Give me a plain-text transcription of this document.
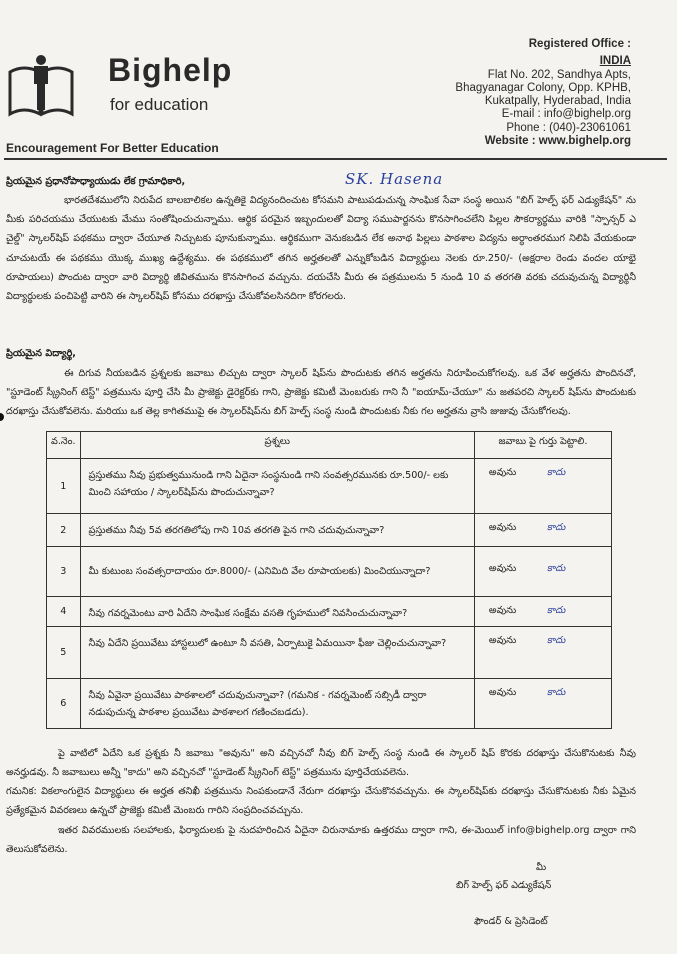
Bighelp
for education
Encouragement For Better Education
Registered Office :
INDIA
Flat No. 202, Sandhya Apts,
Bhagyanagar Colony, Opp. KPHB,
Kukatpally, Hyderabad, India
E-mail : info@bighelp.org
Phone : (040)-23061061
Website : www.bighelp.org
ప్రియమైన ప్రధానోపాధ్యాయుడు లేక గ్రామాధికారి,	SK. Hasena
భారతదేశములోని నిరుపేద బాలబాలికల ఉన్నతికై విద్యనందించుట కోసమని పాటుపడుచున్న సాంఘిక సేవా సంస్థ అయిన "బిగ్ హెల్ప్ ఫర్ ఎడ్యుకేషన్" ను మీకు పరిచయము చేయుటకు మేము సంతోషించుచున్నాము. ఆర్థిక పరమైన ఇబ్బందులతో విద్యా సముపార్జనను కొనసాగించలేని పిల్లల సౌకర్యార్థము వారికి "స్పాన్సర్ ఎ చైల్డ్" స్కాలర్‌షిప్ పథకము ద్వారా చేయూత నిచ్చుటకు పూనుకున్నాము. ఆర్థికముగా వెనుకబడిన లేక అనాథ పిల్లలు పాఠశాల విద్యను అర్ధాంతరముగ నిలిపి వేయకుండా చూచుటయే ఈ పథకము యొక్క ముఖ్య ఉద్దేశ్యము. ఈ పథకములో తగిన అర్హతలతో ఎన్నుకోబడిన విద్యార్థులు నెలకు రూ.250/- (అక్షరాల రెండు వందల యాభై రూపాయలు) పొందుట ద్వారా వారి విద్యార్థి జీవితమును కొనసాగించ వచ్చును. దయచేసి మీరు ఈ పత్రములను 5 నుండి 10 వ తరగతి వరకు చదువుచున్న విద్యార్థినీ విద్యార్థులకు పంచిపెట్టి వారిని ఈ స్కాలర్‌షిప్ కోసము దరఖాస్తు చేసుకోవలసినదిగా కోరగలరు.
ప్రియమైన విద్యార్థి,
ఈ దిగువ నీయబడిన ప్రశ్నలకు జవాబు లిచ్చుట ద్వారా స్కాలర్ షిప్‌ను పొందుటకు తగిన అర్హతను నిరూపించుకోగలవు. ఒక వేళ అర్హతను పొందినచో, "స్టూడెంట్ స్క్రీనింగ్ టెస్ట్" పత్రమును పూర్తి చేసి మీ ప్రాజెక్టు డైరెక్టర్‌కు గాని, ప్రాజెక్టు కమిటీ మెంబరుకు గాని నీ "ఐయామ్-చేయూ" ను జతపరచి స్కాలర్ షిప్‌ను పొందుటకు దరఖాస్తు చేసుకోవలెను. మరియు ఒక తెల్ల కాగితముపై ఈ స్కాలర్‌షిప్‌ను బిగ్ హెల్ప్ సంస్థ నుండి పొందుటకు నీకు గల అర్హతను వ్రాసి జుజువు చేసుకోగలవు.
వ.నెం.	ప్రశ్నలు	జవాబు పై గుర్తు పెట్టాలి.
1	ప్రస్తుతము నీవు ప్రభుత్వమునుండి గాని ఏదైనా సంస్థనుండి గాని సంవత్సరమునకు రూ.500/- లకు మించి సహాయం / స్కాలర్‌షిప్‌ను పొందుచున్నావా?	అవును కాదు
2	ప్రస్తుతము నీవు 5వ తరగతిలోపు గాని 10వ తరగతి పైన గాని చదువుచున్నావా?	అవును కాదు
3	మీ కుటుంబ సంవత్సరాదాయం రూ.8000/- (ఎనిమిది వేల రూపాయలకు) మించియున్నాదా?	అవును కాదు
4	నీవు గవర్నమెంటు వారి ఏదేని సాంఘిక సంక్షేమ వసతి గృహములో నివసించుచున్నావా?	అవును కాదు
5	నీవు ఏదేని ప్రయివేటు హాస్టలులో ఉంటూ నీ వసతి, ఏర్పాటుకై ఏమయినా ఫీజు చెల్లించుచున్నావా?	అవును కాదు
6	నీవు ఏవైనా ప్రయివేటు పాఠశాలలో చదువుచున్నావా? (గమనిక - గవర్నమెంట్ సబ్సిడీ ద్వారా నడుపుచున్న పాఠశాల ప్రయివేటు పాఠశాలగ గణించబడదు).	అవును కాదు
పై వాటిలో ఏదేని ఒక ప్రశ్నకు నీ జవాబు "అవును" అని వచ్చినచో నీవు బిగ్ హెల్ప్ సంస్థ నుండి ఈ స్కాలర్ షిప్ కొరకు దరఖాస్తు చేసుకొనుటకు నీవు అనర్హుడవు. నీ జవాబులు అన్నీ "కాదు" అని వచ్చినచో "స్టూడెంట్ స్క్రీనింగ్ టెస్ట్" పత్రమును పూర్తిచేయవలెను.
గమనిక: వికలాంగులైన విద్యార్థులు ఈ అర్హత తనిఖీ పత్రమును నింపకుండానే నేరుగా దరఖాస్తు చేసుకొనవచ్చును. ఈ స్కాలర్‌షిప్‌కు దరఖాస్తు చేసుకొనుటకు నీకు ఏమైన ప్రత్యేకమైన వివరణలు ఉన్నచో ప్రాజెక్టు కమిటీ మెంబరు గారిని సంప్రదించవచ్చును.
ఇతర వివరములకు సలహాలకు, ఫిర్యాదులకు పై నుదహరించిన ఏదైనా చిరునామాకు ఉత్తరము ద్వారా గాని, ఈ-మెయిల్ info@bighelp.org ద్వారా గాని తెలుసుకోవలెను.
మీ
బిగ్ హెల్ప్ ఫర్ ఎడ్యుకేషన్
ఫౌండర్ & ప్రెసిడెంట్
